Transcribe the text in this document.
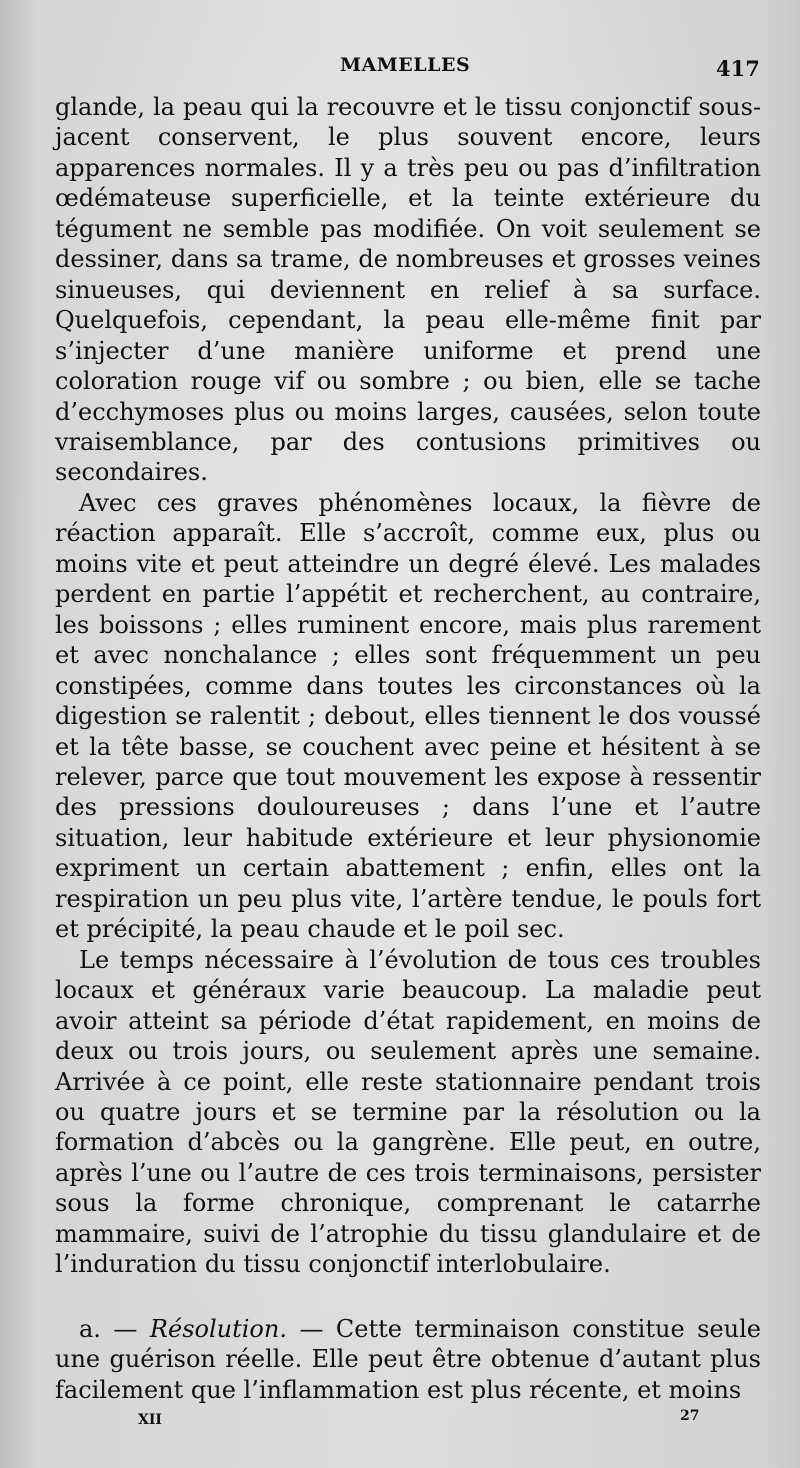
MAMELLES	417

glande, la peau qui la recouvre et le tissu conjonctif sous-jacent conservent, le plus souvent encore, leurs apparences normales. Il y a très peu ou pas d’infiltration œdémateuse superficielle, et la teinte extérieure du tégument ne semble pas modifiée. On voit seulement se dessiner, dans sa trame, de nombreuses et grosses veines sinueuses, qui deviennent en relief à sa surface. Quelquefois, cependant, la peau elle-même finit par s’injecter d’une manière uniforme et prend une coloration rouge vif ou sombre ; ou bien, elle se tache d’ecchymoses plus ou moins larges, causées, selon toute vraisemblance, par des contusions primitives ou secondaires.

Avec ces graves phénomènes locaux, la fièvre de réaction apparaît. Elle s’accroît, comme eux, plus ou moins vite et peut atteindre un degré élevé. Les malades perdent en partie l’appétit et recherchent, au contraire, les boissons ; elles ruminent encore, mais plus rarement et avec nonchalance ; elles sont fréquemment un peu constipées, comme dans toutes les circonstances où la digestion se ralentit ; debout, elles tiennent le dos voussé et la tête basse, se couchent avec peine et hésitent à se relever, parce que tout mouvement les expose à ressentir des pressions douloureuses ; dans l’une et l’autre situation, leur habitude extérieure et leur physionomie expriment un certain abattement ; enfin, elles ont la respiration un peu plus vite, l’artère tendue, le pouls fort et précipité, la peau chaude et le poil sec.

Le temps nécessaire à l’évolution de tous ces troubles locaux et généraux varie beaucoup. La maladie peut avoir atteint sa période d’état rapidement, en moins de deux ou trois jours, ou seulement après une semaine. Arrivée à ce point, elle reste stationnaire pendant trois ou quatre jours et se termine par la résolution ou la formation d’abcès ou la gangrène. Elle peut, en outre, après l’une ou l’autre de ces trois terminaisons, persister sous la forme chronique, comprenant le catarrhe mammaire, suivi de l’atrophie du tissu glandulaire et de l’induration du tissu conjonctif interlobulaire.

a. — Résolution. — Cette terminaison constitue seule une guérison réelle. Elle peut être obtenue d’autant plus facilement que l’inflammation est plus récente, et moins

XII	27
